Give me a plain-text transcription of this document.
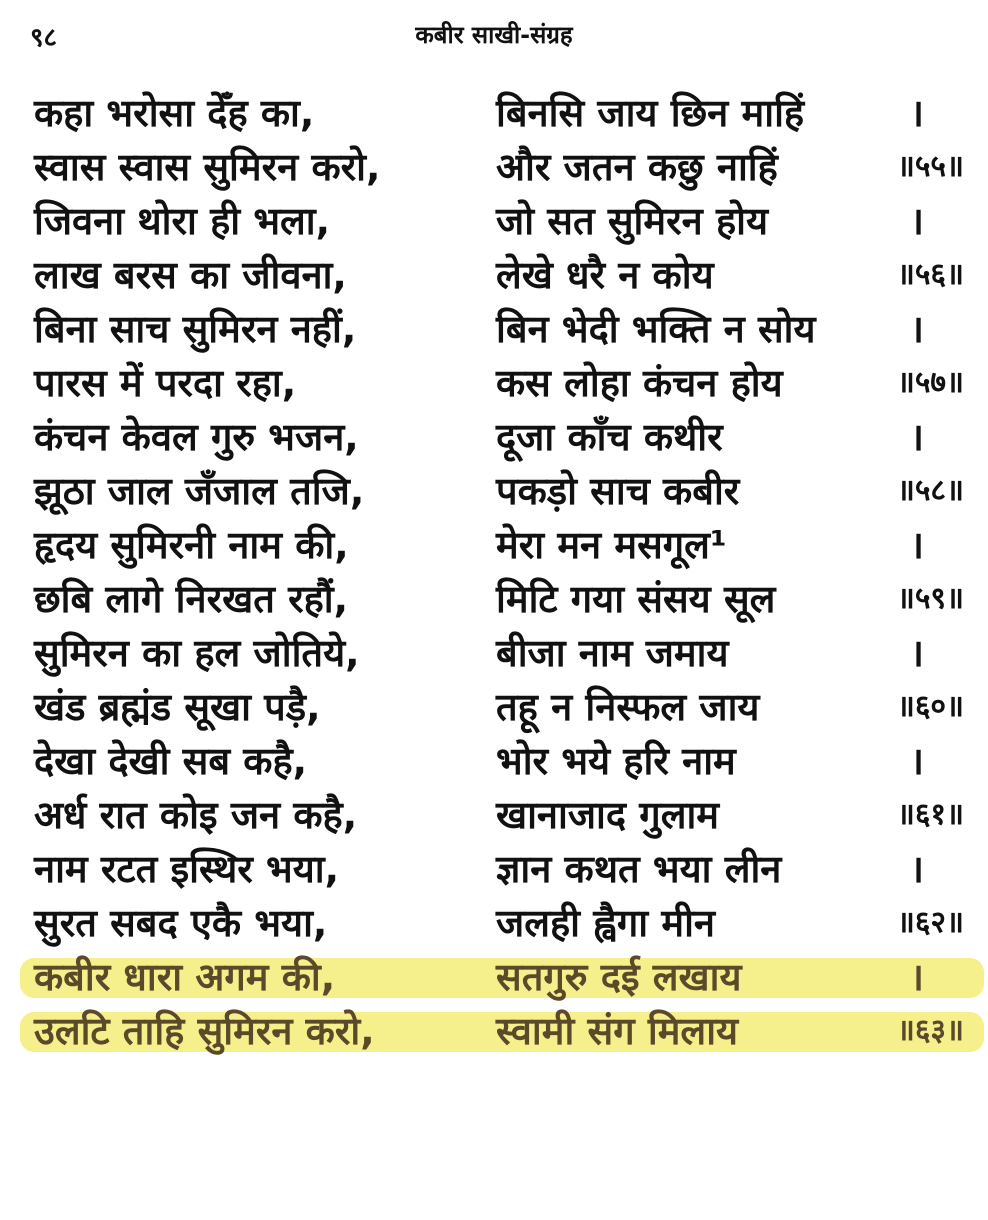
९८	कबीर साखी-संग्रह
कहा भरोसा देँह का,	बिनसि जाय छिन माहिं	।
स्वास स्वास सुमिरन करो,	और जतन कछु नाहिं	॥५५॥
जिवना थोरा ही भला,	जो सत सुमिरन होय	।
लाख बरस का जीवना,	लेखे धरै न कोय	॥५६॥
बिना साच सुमिरन नहीं,	बिन भेदी भक्ति न सोय ।
पारस में परदा रहा,	कस लोहा कंचन होय	॥५७॥
कंचन केवल गुरु भजन,	दूजा काँच कथीर	।
झूठा जाल जँजाल तजि,	पकड़ो साच कबीर	॥५८॥
हृदय सुमिरनी नाम की,	मेरा मन मसगूल¹	।
छबि लागे निरखत रहौं,	मिटि गया संसय सूल	॥५९॥
सुमिरन का हल जोतिये,	बीजा नाम जमाय	।
खंड ब्रह्मंड सूखा पड़ै,	तहू न निस्फल जाय	॥६०॥
देखा देखी सब कहै,	भोर भये हरि नाम	।
अर्ध रात कोइ जन कहै,	खानाजाद गुलाम	॥६१॥
नाम रटत इस्थिर भया,	ज्ञान कथत भया लीन	।
सुरत सबद एकै भया,	जलही ह्वैगा मीन	॥६२॥
कबीर धारा अगम की,	सतगुरु दई लखाय	।
उलटि ताहि सुमिरन करो,	स्वामी संग मिलाय	॥६३॥
